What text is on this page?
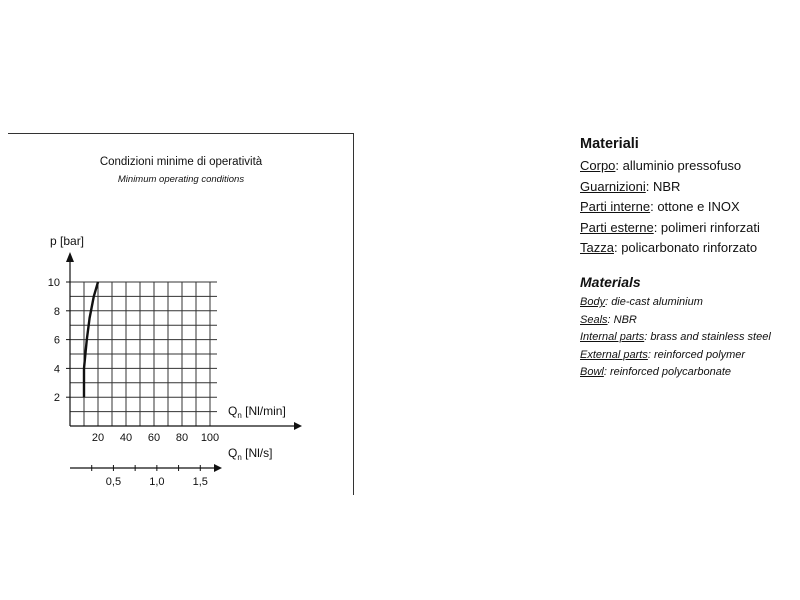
Condizioni minime di operatività
Minimum operating conditions
2
4
6
8
10
20 40 60 80 100
p [bar]
$Q_n$ [Nl/min]
0,5	1,0	1,5
$Q_n$ [Nl/s]
Materiali
Corpo: alluminio pressofuso
Guarnizioni: NBR
Parti interne: ottone e INOX
Parti esterne: polimeri rinforzati
Tazza: policarbonato rinforzato
Materials
Body: die-cast aluminium
Seals: NBR
Internal parts: brass and stainless steel
External parts: reinforced polymer
Bowl: reinforced polycarbonate
